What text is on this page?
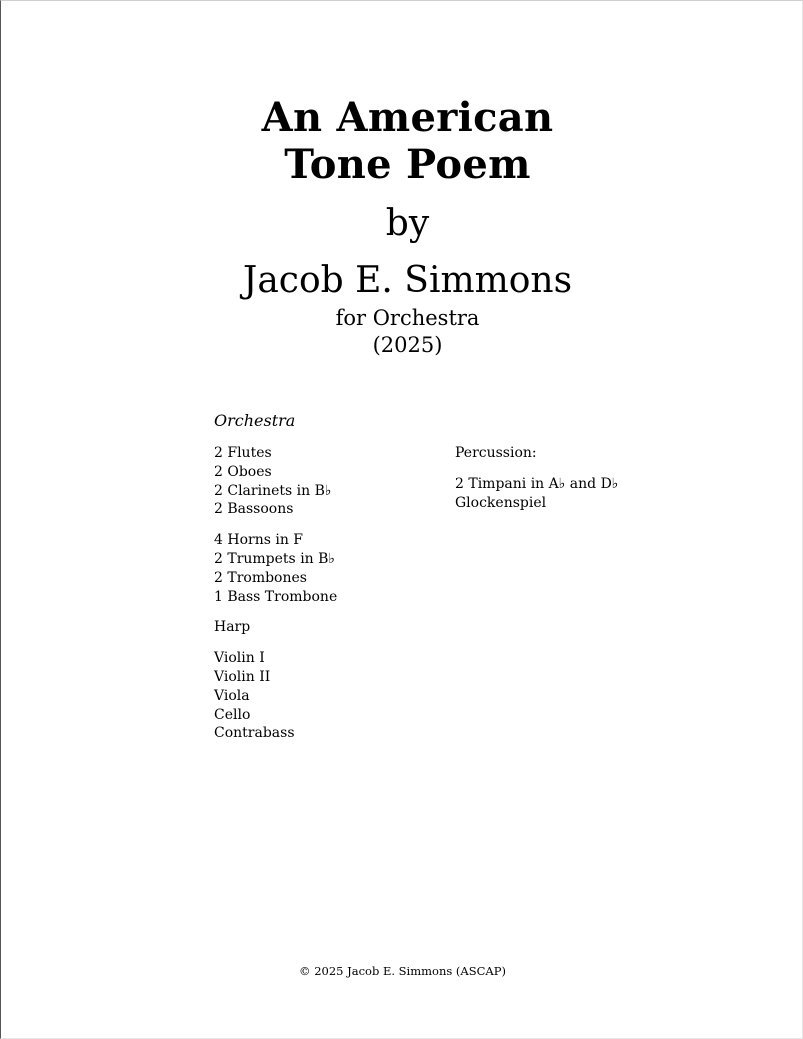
An American
Tone Poem
by
Jacob E. Simmons
for Orchestra
(2025)
Orchestra
2 Flutes
2 Oboes
2 Clarinets in B♭
2 Bassoons
4 Horns in F
2 Trumpets in B♭
2 Trombones
1 Bass Trombone
Harp
Violin I
Violin II
Viola
Cello
Contrabass
Percussion:
2 Timpani in A♭ and D♭
Glockenspiel
© 2025 Jacob E. Simmons (ASCAP)
